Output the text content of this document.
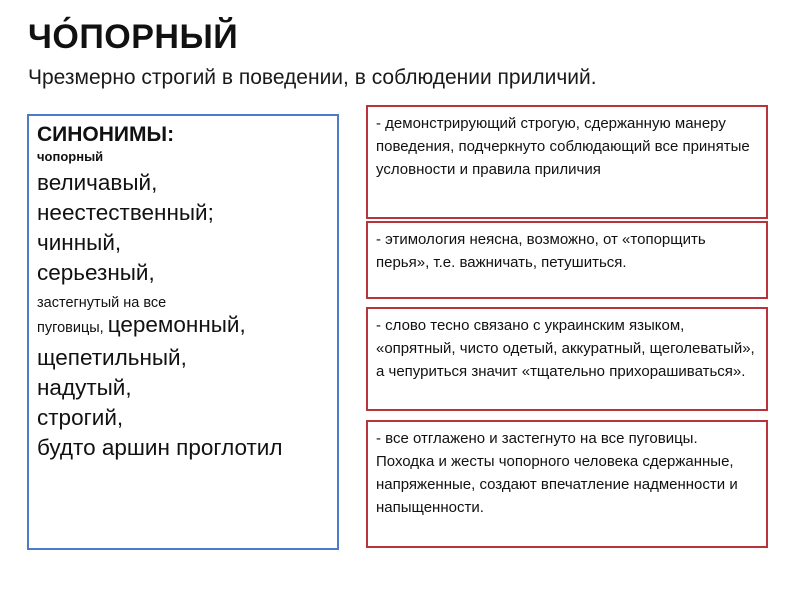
ЧО́ПОРНЫЙ
Чрезмерно строгий в поведении, в соблюдении приличий.
СИНОНИМЫ:
чопорный
величавый,
неестественный;
чинный,
серьезный,
застегнутый на все
пуговицы, церемонный,
щепетильный,
надутый,
строгий,
будто аршин проглотил
- демонстрирующий строгую, сдержанную манеру поведения, подчеркнуто соблюдающий все принятые условности и правила приличия
- этимология неясна, возможно, от «топорщить перья», т.е. важничать, петушиться.
- слово тесно связано с украинским языком, «опрятный, чисто одетый, аккуратный, щеголеватый», а чепуриться значит «тщательно прихорашиваться».
- все отглажено и застегнуто на все пуговицы. Походка и жесты чопорного человека сдержанные, напряженные, создают впечатление надменности и напыщенности.
